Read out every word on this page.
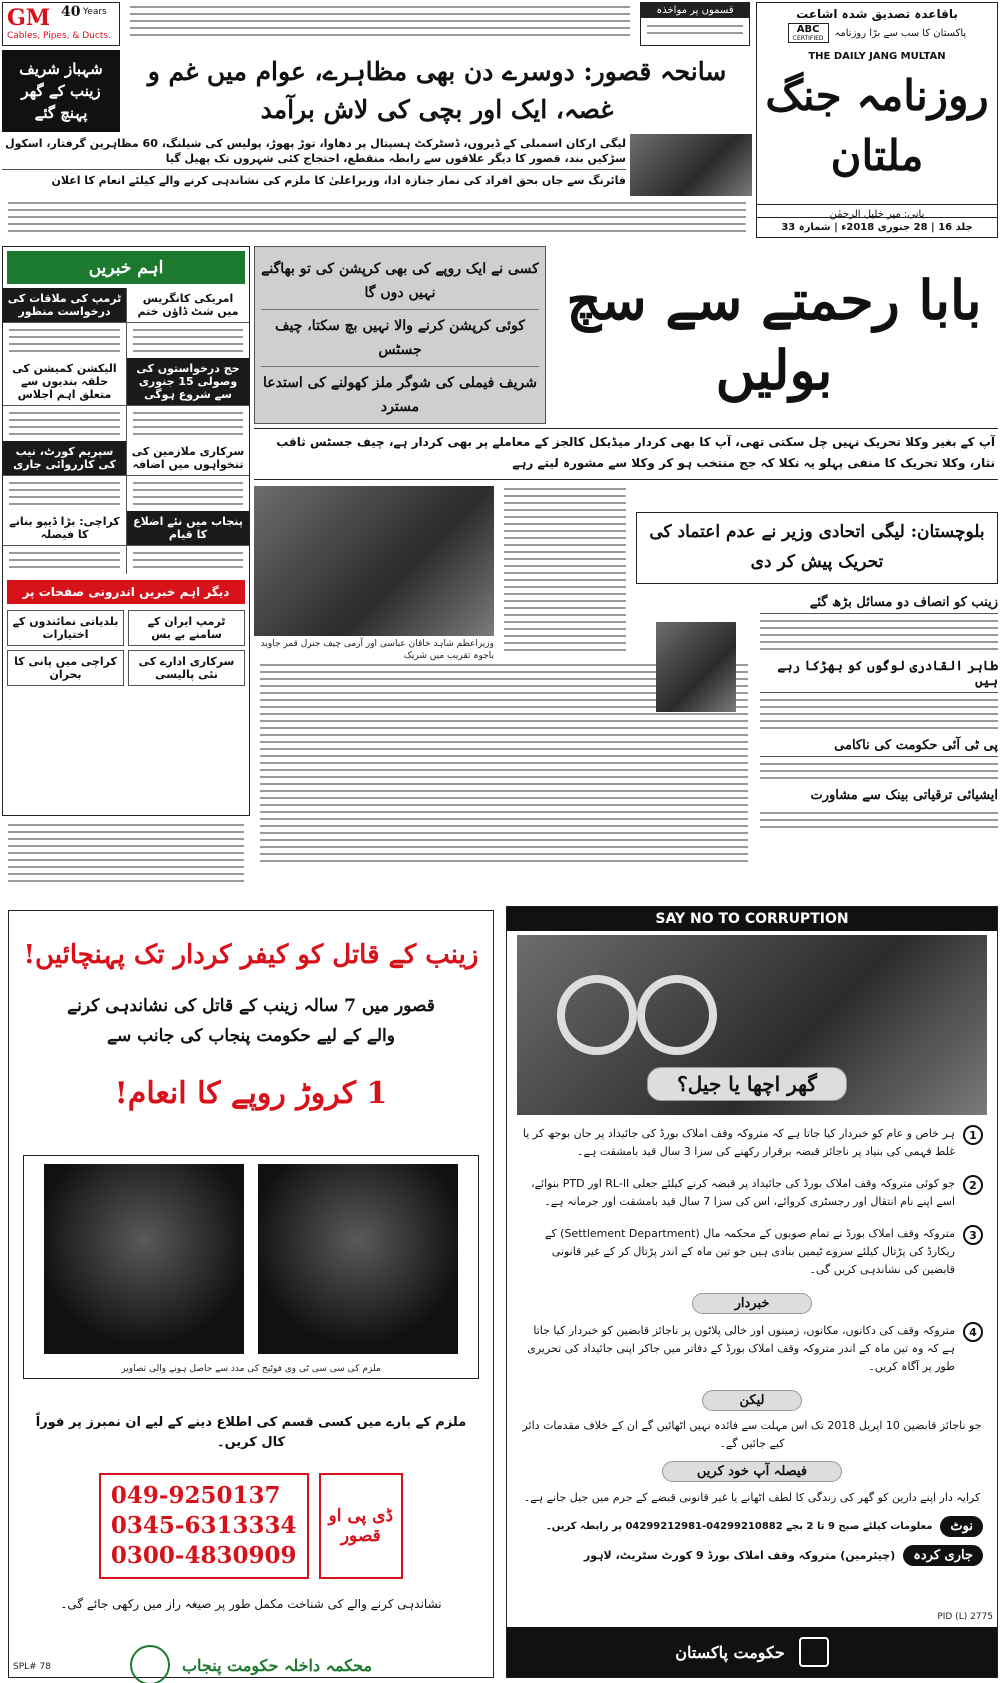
GM 40 Years
Cables, Pipes, & Ducts.
قسموں پر مواخذہ	باقاعدہ تصدیق شدہ اشاعت
ABC
CERTIFIED پاکستان کا سب سے بڑا روزنامہ
THE DAILY JANG MULTAN
روزنامہ جنگ ملتان
بانی: میر خلیل الرحمٰن
جلد 16 | 28 جنوری 2018ء | شمارہ 33
شہباز شریف زینب کے گھر پہنچ گئے
سانحہ قصور: دوسرے دن بھی مظاہرے، عوام میں غم و غصہ، ایک اور بچی کی لاش برآمد
لیگی ارکان اسمبلی کے ڈیروں، ڈسٹرکٹ ہسپتال پر دھاوا، توڑ پھوڑ، پولیس کی شیلنگ، 60 مظاہرین گرفتار، اسکول سڑکیں بند، قصور کا دیگر علاقوں سے رابطہ منقطع، احتجاج کئی شہروں تک پھیل گیا
فائرنگ سے جاں بحق افراد کی نماز جنازہ ادا، وزیراعلیٰ کا ملزم کی نشاندہی کرنے والے کیلئے انعام کا اعلان
اہم خبریں
ٹرمپ کی ملاقات کی درخواست منظور
الیکشن کمیشن کی حلقہ بندیوں سے متعلق اہم اجلاس
سپریم کورٹ، نیب کی کارروائی جاری
کراچی: بڑا ڈیپو بنانے کا فیصلہ
امریکی کانگریس میں شٹ ڈاؤن ختم
حج درخواستوں کی وصولی 15 جنوری سے شروع ہوگی
سرکاری ملازمین کی تنخواہوں میں اضافہ
پنجاب میں نئے اضلاع کا قیام
دیگر اہم خبریں اندرونی صفحات پر
بلدیاتی نمائندوں کے اختیارات
ٹرمپ ایران کے سامنے بے بس
کراچی میں پانی کا بحران
سرکاری ادارے کی نئی پالیسی
کسی نے ایک روپے کی بھی کرپشن کی تو بھاگنے نہیں دوں گا
کوئی کرپشن کرنے والا نہیں بچ سکتا، چیف جسٹس
شریف فیملی کی شوگر ملز کھولنے کی استدعا مسترد
بابا رحمتے سے سچ بولیں
آپ کے بغیر وکلا تحریک نہیں چل سکتی تھی، آپ کا بھی کردار میڈیکل کالجز کے معاملے پر بھی کردار ہے، چیف جسٹس ثاقب نثار، وکلا تحریک کا منفی پہلو یہ نکلا کہ جج منتخب ہو کر وکلا سے مشورہ لیتے رہے
وزیراعظم شاہد خاقان عباسی اور آرمی چیف جنرل قمر جاوید باجوہ تقریب میں شریک
بلوچستان: لیگی اتحادی وزیر نے عدم اعتماد کی تحریک پیش کر دی
زینب کو انصاف دو مسائل بڑھ گئے
طاہر القادری لوگوں کو بھڑکا رہے ہیں
پی ٹی آئی حکومت کی ناکامی
ایشیائی ترقیاتی بینک سے مشاورت
زینب کے قاتل کو کیفر کردار تک پہنچائیں!
قصور میں 7 سالہ زینب کے قاتل کی نشاندہی کرنے
والے کے لیے حکومت پنجاب کی جانب سے
1 کروڑ روپے کا انعام!
ملزم کی سی سی ٹی وی فوٹیج کی مدد سے حاصل ہونے والی تصاویر
ملزم کے بارے میں کسی قسم کی اطلاع دینے کے لیے ان نمبرز پر فوراً کال کریں۔
049-9250137
0345-6313334
0300-4830909
ڈی پی او
قصور
نشاندہی کرنے والے کی شناخت مکمل طور پر صیغہ راز میں رکھی جائے گی۔
محکمہ داخلہ حکومت پنجاب
SPL# 78
SAY NO TO CORRUPTION
گھر اچھا یا جیل؟
1
ہر خاص و عام کو خبردار کیا جاتا ہے کہ متروکہ وقف املاک بورڈ کی جائیداد پر جان بوجھ کر یا غلط فہمی کی بنیاد پر ناجائز قبضہ برقرار رکھنے کی سزا 3 سال قید بامشقت ہے۔
2
جو کوئی متروکہ وقف املاک بورڈ کی جائیداد پر قبضہ کرنے کیلئے جعلی RL-II اور PTD بنوائے، اسے اپنے نام انتقال اور رجسٹری کروائے، اس کی سزا 7 سال قید بامشقت اور جرمانہ ہے۔
3
متروکہ وقف املاک بورڈ نے تمام صوبوں کے محکمہ مال (Settlement Department) کے ریکارڈ کی پڑتال کیلئے سروے ٹیمیں بنادی ہیں جو تین ماہ کے اندر پڑتال کر کے غیر قانونی قابضین کی نشاندہی کریں گی۔
خبردار
4
متروکہ وقف کی دکانوں، مکانوں، زمینوں اور خالی پلاٹوں پر ناجائز قابضین کو خبردار کیا جاتا ہے کہ وہ تین ماہ کے اندر متروکہ وقف املاک بورڈ کے دفاتر میں جاکر اپنی جائیداد کی تحریری طور پر آگاہ کریں۔
لیکن
جو ناجائز قابضین 10 اپریل 2018 تک اس مہلت سے فائدہ نہیں اٹھائیں گے ان کے خلاف مقدمات دائر کیے جائیں گے۔
فیصلہ آپ خود کریں
کرایہ دار اپنے دارین کو گھر کی زندگی کا لطف اٹھانے یا غیر قانونی قبضے کے جرم میں جیل جانے ہے۔
نوٹ
معلومات کیلئے صبح 9 تا 2 بجے 04299210882-04299212981 پر رابطہ کریں۔
جاری کردہ
(چیئرمین) متروکہ وقف املاک بورڈ 9 کورٹ سٹریٹ، لاہور
حکومت پاکستان
PID (L) 2775
